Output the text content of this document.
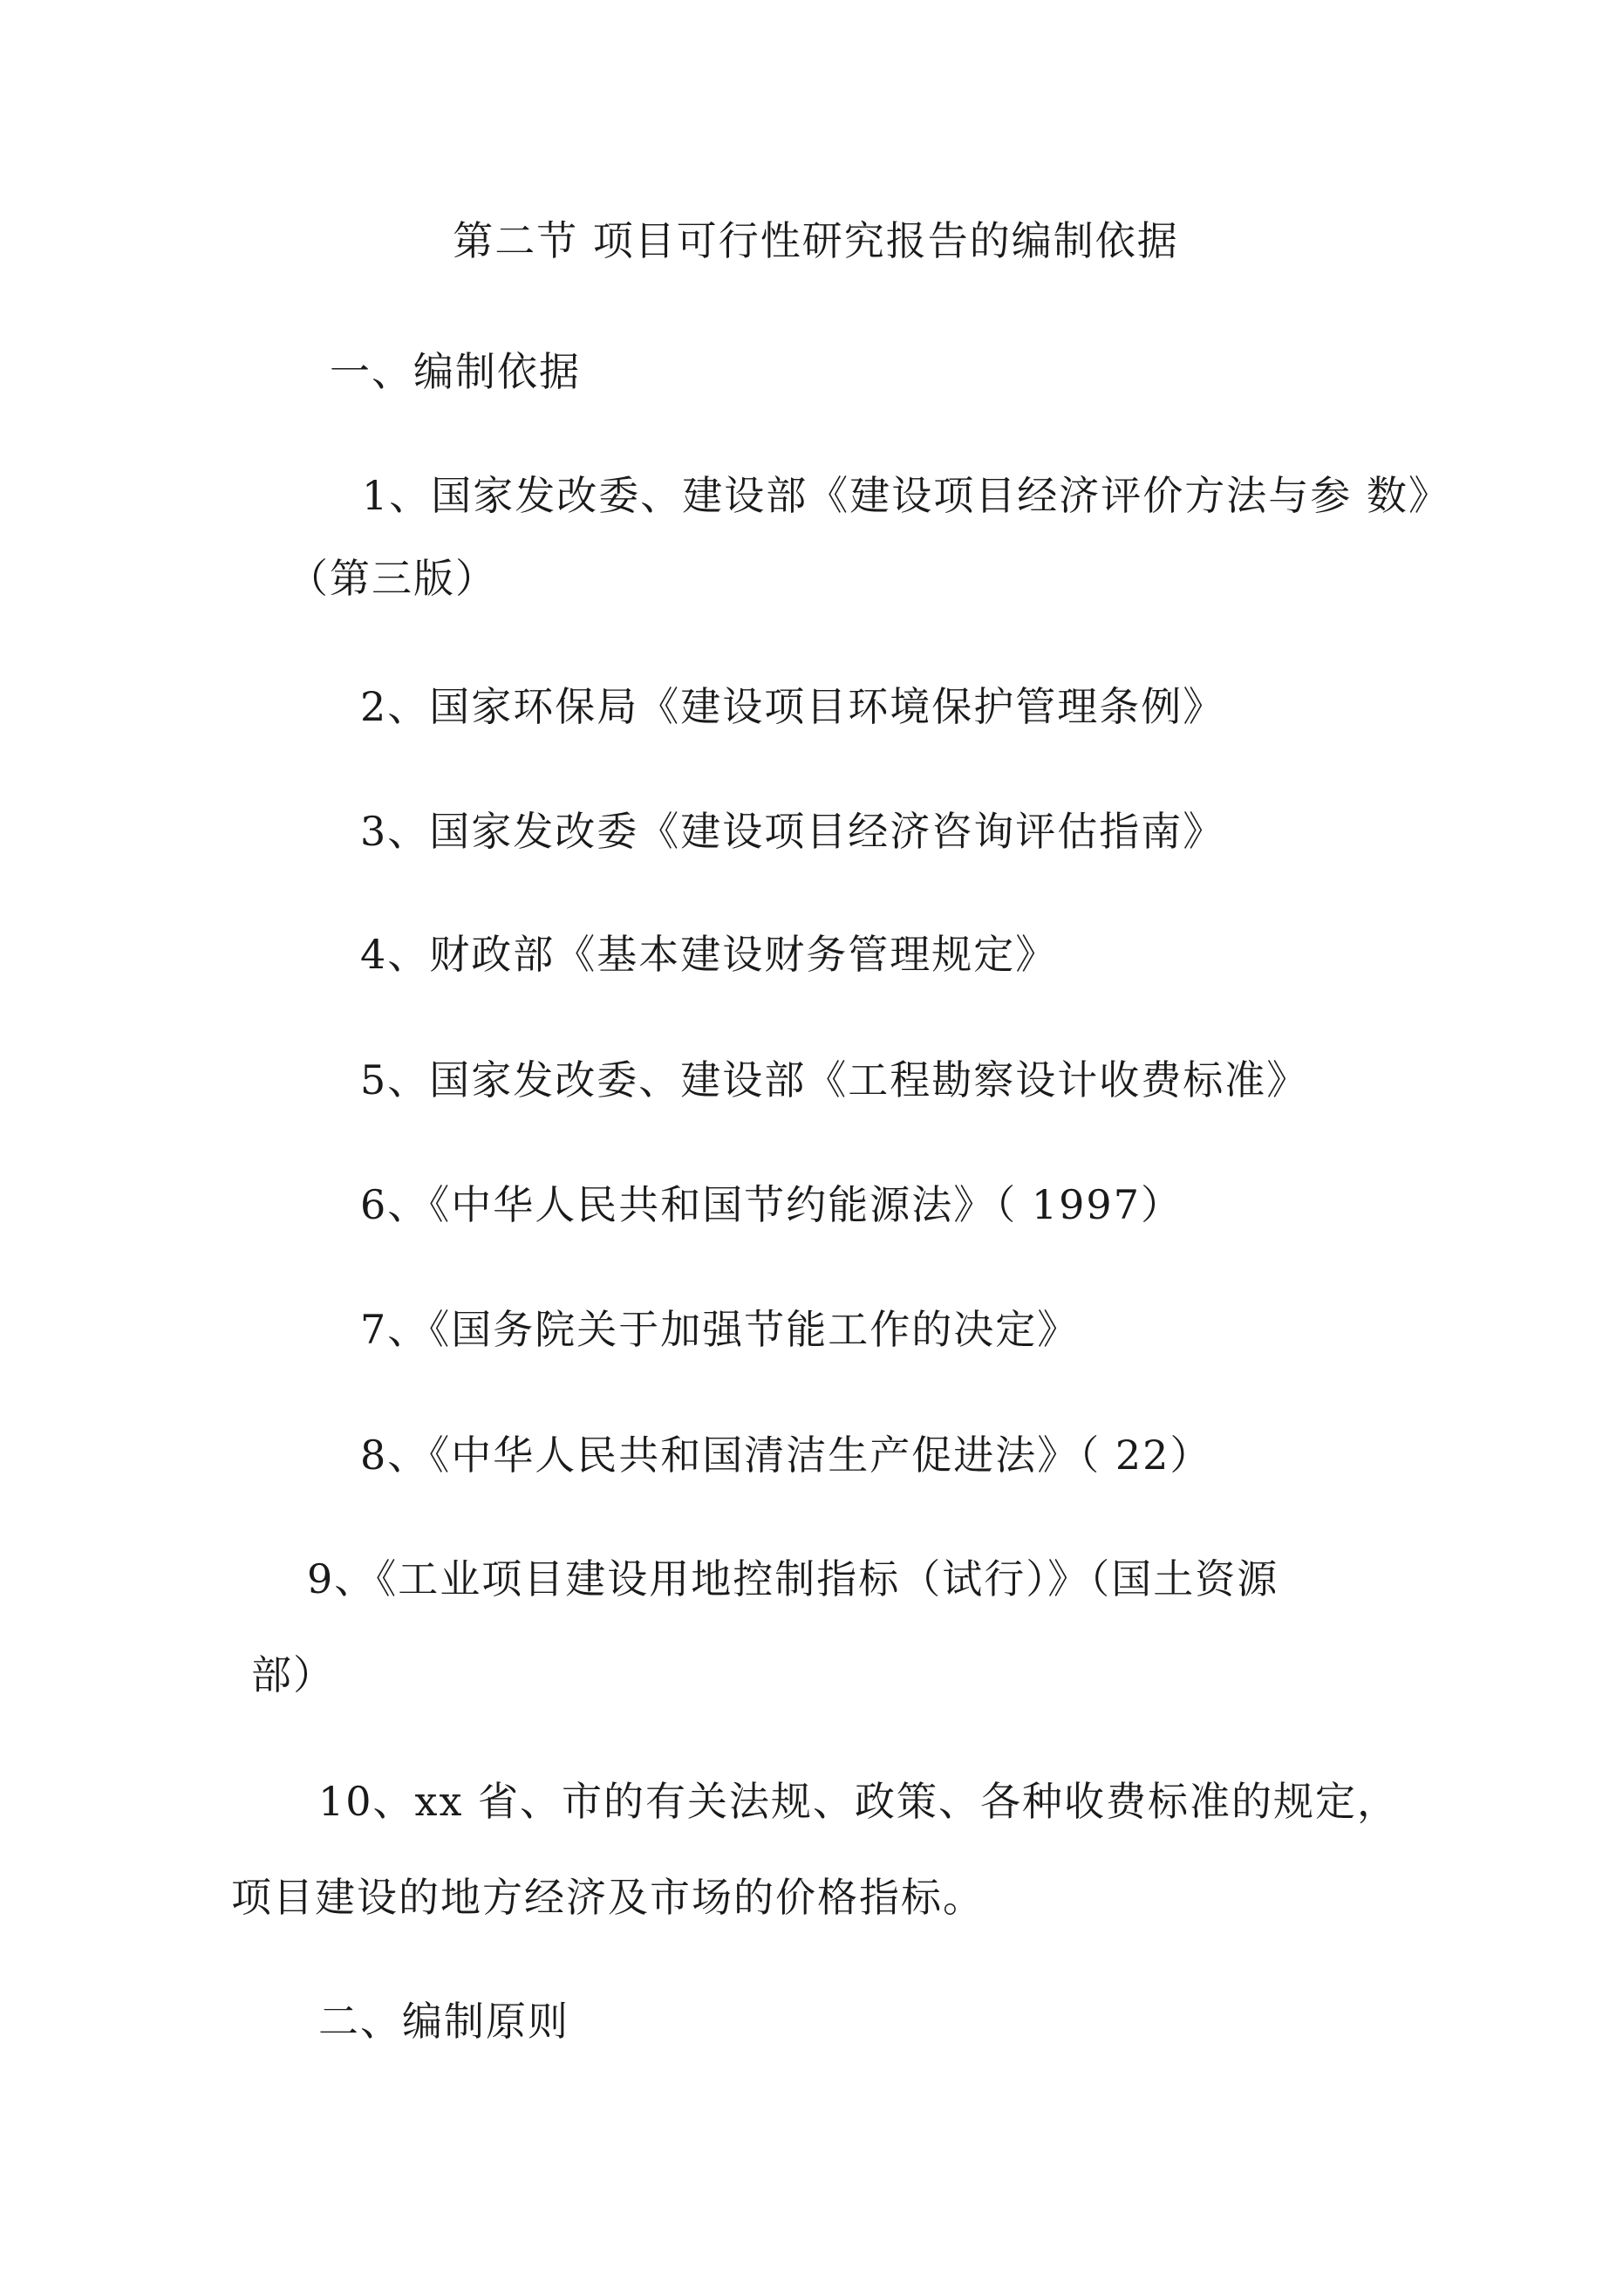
第二节 项目可行性研究报告的编制依据
一、编制依据
1、国家发改委、建设部《建设项目经济评价方法与参 数》
（第三版）
2、国家环保局《建设项目环境保护管理条例》
3、国家发改委《建设项目经济咨询评估指南》
4、财政部《基本建设财务管理规定》
5、国家发改委、建设部《工程勘察设计收费标准》
6、《中华人民共和国节约能源法》（ 1997）
7、《国务院关于加强节能工作的决定》
8、《中华人民共和国清洁生产促进法》（ 22）
9、《工业项目建设用地控制指标（试行）》（国土资源
部）
10、xx 省、市的有关法规、政策、各种收费标准的规定，
项目建设的地方经济及市场的价格指标。
二、编制原则
